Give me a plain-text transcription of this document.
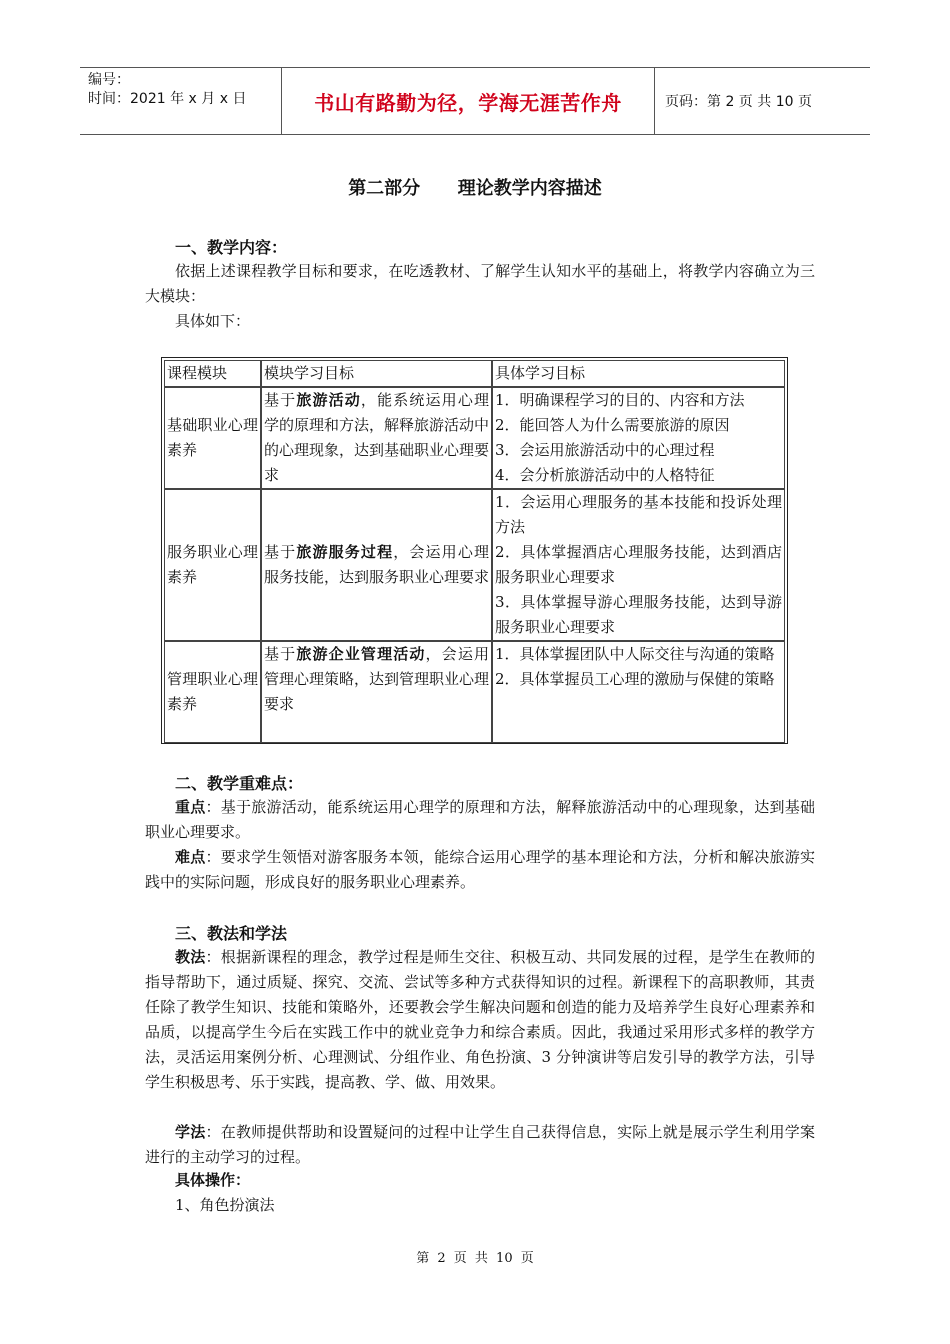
编号：
时间：2021 年 x 月 x 日	书山有路勤为径，学海无涯苦作舟	页码：第 2 页 共 10 页
第二部分      理论教学内容描述
一、教学内容：
依据上述课程教学目标和要求，在吃透教材、了解学生认知水平的基础上，将教学内容确立为三大模块：
具体如下：
课程模块	模块学习目标	具体学习目标
基础职业心理素养	基于旅游活动，能系统运用心理学的原理和方法，解释旅游活动中的心理现象，达到基础职业心理要求	1．明确课程学习的目的、内容和方法
2．能回答人为什么需要旅游的原因
3．会运用旅游活动中的心理过程
4．会分析旅游活动中的人格特征

服务职业心理素养	基于旅游服务过程，会运用心理服务技能，达到服务职业心理要求	1．会运用心理服务的基本技能和投诉处理方法
2．具体掌握酒店心理服务技能，达到酒店服务职业心理要求
3．具体掌握导游心理服务技能，达到导游服务职业心理要求

管理职业心理素养	基于旅游企业管理活动，会运用管理心理策略，达到管理职业心理要求	1．具体掌握团队中人际交往与沟通的策略
2．具体掌握员工心理的激励与保健的策略
二、教学重难点：
重点：基于旅游活动，能系统运用心理学的原理和方法，解释旅游活动中的心理现象，达到基础职业心理要求。
难点：要求学生领悟对游客服务本领，能综合运用心理学的基本理论和方法，分析和解决旅游实践中的实际问题，形成良好的服务职业心理素养。
三、教法和学法
教法：根据新课程的理念，教学过程是师生交往、积极互动、共同发展的过程，是学生在教师的指导帮助下，通过质疑、探究、交流、尝试等多种方式获得知识的过程。新课程下的高职教师，其责任除了教学生知识、技能和策略外，还要教会学生解决问题和创造的能力及培养学生良好心理素养和品质，以提高学生今后在实践工作中的就业竞争力和综合素质。因此，我通过采用形式多样的教学方法，灵活运用案例分析、心理测试、分组作业、角色扮演、3 分钟演讲等启发引导的教学方法，引导学生积极思考、乐于实践，提高教、学、做、用效果。
学法：在教师提供帮助和设置疑问的过程中让学生自己获得信息，实际上就是展示学生利用学案进行的主动学习的过程。
具体操作：
1、角色扮演法
第 2 页 共 10 页
